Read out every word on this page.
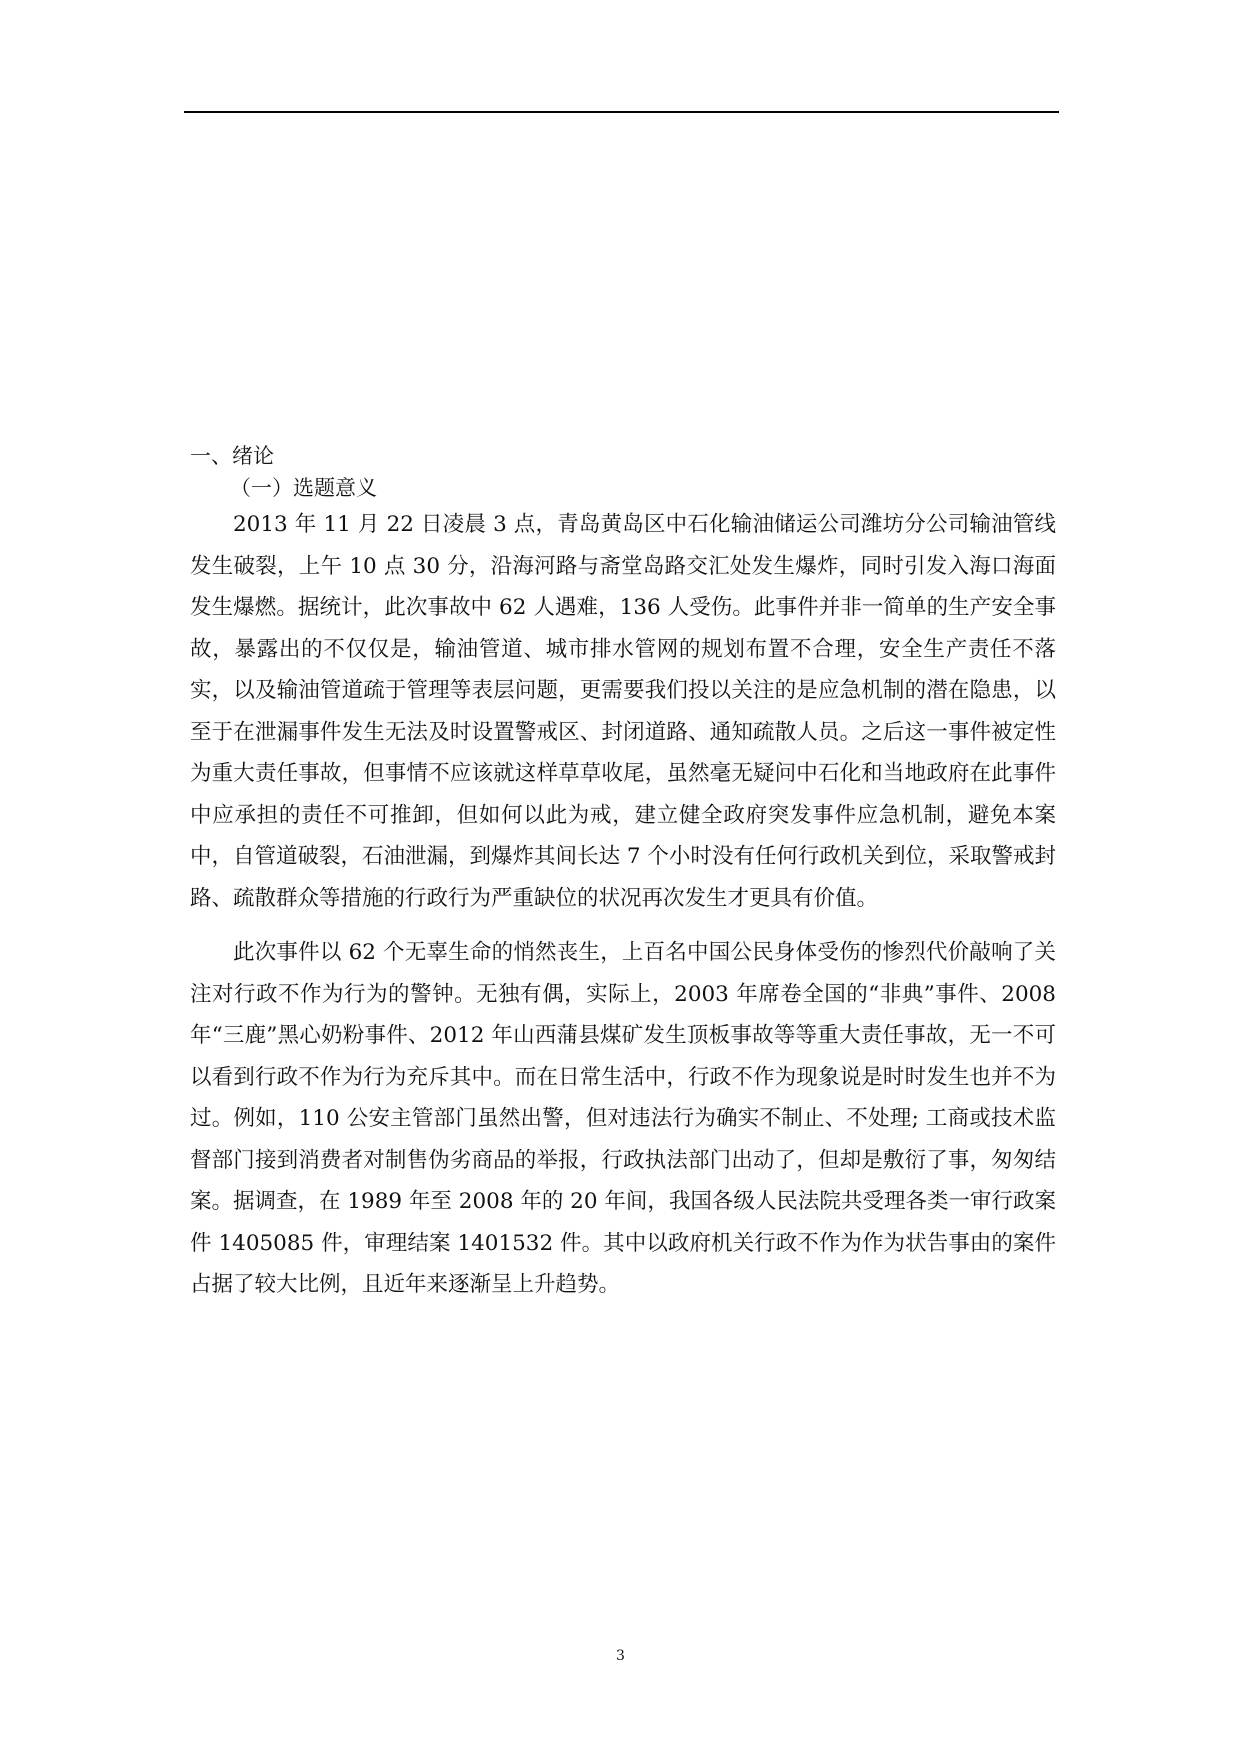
一、绪论
（一）选题意义

2013 年 11 月 22 日凌晨 3 点，青岛黄岛区中石化输油储运公司潍坊分公司输油管线发生破裂，上午 10 点 30 分，沿海河路与斋堂岛路交汇处发生爆炸，同时引发入海口海面发生爆燃。据统计，此次事故中 62 人遇难，136 人受伤。此事件并非一简单的生产安全事故，暴露出的不仅仅是，输油管道、城市排水管网的规划布置不合理，安全生产责任不落实，以及输油管道疏于管理等表层问题，更需要我们投以关注的是应急机制的潜在隐患，以至于在泄漏事件发生无法及时设置警戒区、封闭道路、通知疏散人员。之后这一事件被定性为重大责任事故，但事情不应该就这样草草收尾，虽然毫无疑问中石化和当地政府在此事件中应承担的责任不可推卸，但如何以此为戒，建立健全政府突发事件应急机制，避免本案中，自管道破裂，石油泄漏，到爆炸其间长达 7 个小时没有任何行政机关到位，采取警戒封路、疏散群众等措施的行政行为严重缺位的状况再次发生才更具有价值。

此次事件以 62 个无辜生命的悄然丧生，上百名中国公民身体受伤的惨烈代价敲响了关注对行政不作为行为的警钟。无独有偶，实际上，2003 年席卷全国的“非典”事件、2008 年“三鹿”黑心奶粉事件、2012 年山西蒲县煤矿发生顶板事故等等重大责任事故，无一不可以看到行政不作为行为充斥其中。而在日常生活中，行政不作为现象说是时时发生也并不为过。例如，110 公安主管部门虽然出警，但对违法行为确实不制止、不处理; 工商或技术监督部门接到消费者对制售伪劣商品的举报，行政执法部门出动了，但却是敷衍了事，匆匆结案。据调查，在 1989 年至 2008 年的 20 年间，我国各级人民法院共受理各类一审行政案件 1405085 件，审理结案 1401532 件。其中以政府机关行政不作为作为状告事由的案件占据了较大比例，且近年来逐渐呈上升趋势。

3
